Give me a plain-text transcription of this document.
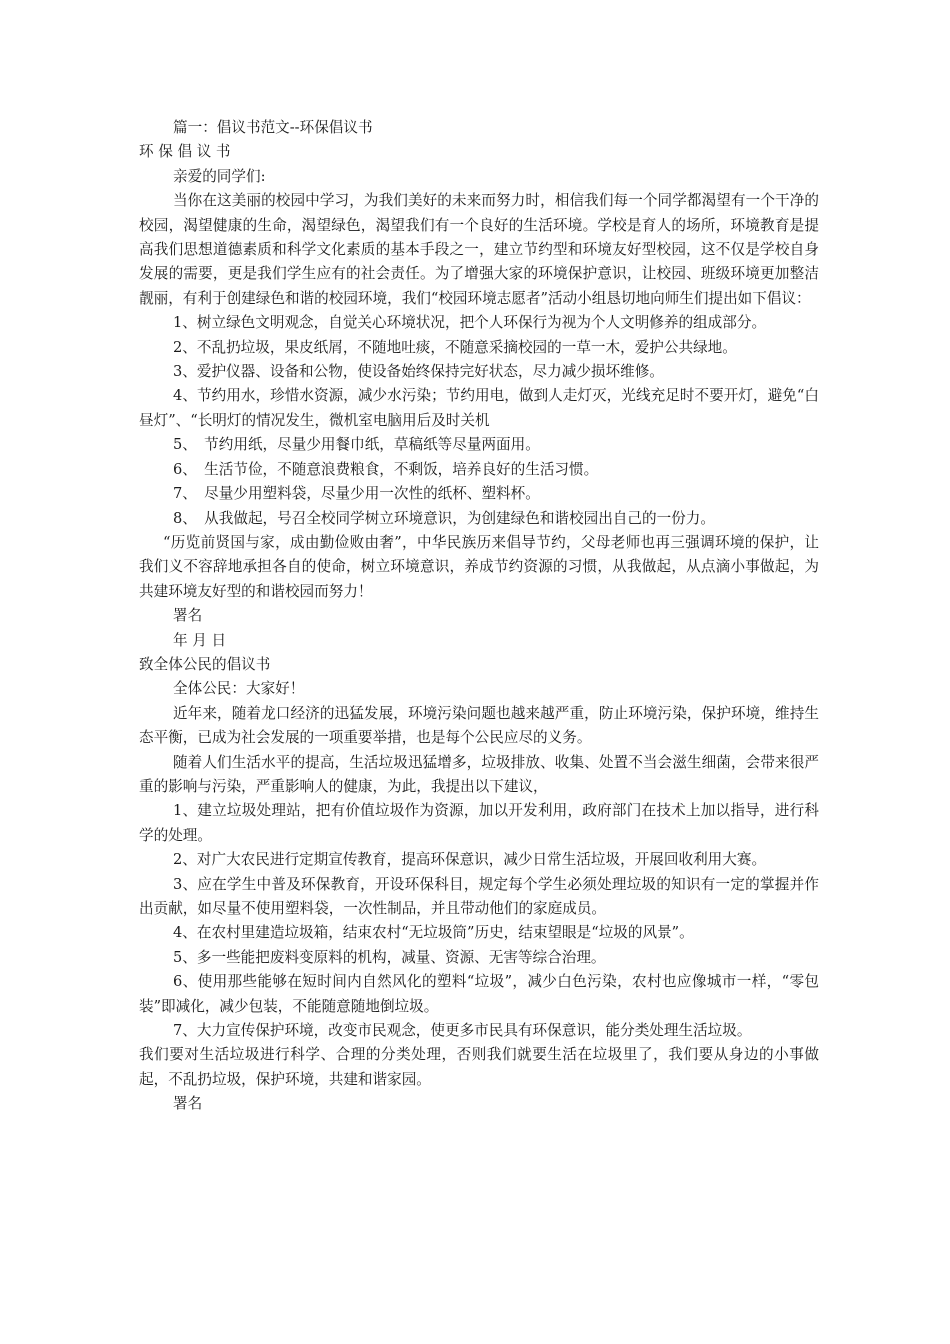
篇一：倡议书范文--环保倡议书

环 保 倡 议 书

亲爱的同学们:

当你在这美丽的校园中学习，为我们美好的未来而努力时，相信我们每一个同学都渴望有一个干净的校园，渴望健康的生命，渴望绿色，渴望我们有一个良好的生活环境。学校是育人的场所，环境教育是提高我们思想道德素质和科学文化素质的基本手段之一，建立节约型和环境友好型校园，这不仅是学校自身发展的需要，更是我们学生应有的社会责任。为了增强大家的环境保护意识，让校园、班级环境更加整洁靓丽，有利于创建绿色和谐的校园环境，我们“校园环境志愿者”活动小组恳切地向师生们提出如下倡议：

1、树立绿色文明观念，自觉关心环境状况，把个人环保行为视为个人文明修养的组成部分。

2、不乱扔垃圾，果皮纸屑，不随地吐痰，不随意采摘校园的一草一木，爱护公共绿地。

3、爱护仪器、设备和公物，使设备始终保持完好状态，尽力减少损坏维修。

4、节约用水，珍惜水资源，减少水污染；节约用电，做到人走灯灭，光线充足时不要开灯，避免“白昼灯”、“长明灯的情况发生，微机室电脑用后及时关机

5、　节约用纸，尽量少用餐巾纸，草稿纸等尽量两面用。

6、　生活节俭，不随意浪费粮食，不剩饭，培养良好的生活习惯。

7、　尽量少用塑料袋，尽量少用一次性的纸杯、塑料杯。

8、　从我做起，号召全校同学树立环境意识，为创建绿色和谐校园出自己的一份力。

“历览前贤国与家，成由勤俭败由奢”，中华民族历来倡导节约，父母老师也再三强调环境的保护，让我们义不容辞地承担各自的使命，树立环境意识，养成节约资源的习惯，从我做起，从点滴小事做起，为共建环境友好型的和谐校园而努力！

署名

年 月 日

致全体公民的倡议书

全体公民：大家好！

近年来，随着龙口经济的迅猛发展，环境污染问题也越来越严重，防止环境污染，保护环境，维持生态平衡，已成为社会发展的一项重要举措，也是每个公民应尽的义务。

随着人们生活水平的提高，生活垃圾迅猛增多，垃圾排放、收集、处置不当会滋生细菌，会带来很严重的影响与污染，严重影响人的健康，为此，我提出以下建议，

1、建立垃圾处理站，把有价值垃圾作为资源，加以开发利用，政府部门在技术上加以指导，进行科学的处理。

2、对广大农民进行定期宣传教育，提高环保意识，减少日常生活垃圾，开展回收利用大赛。

3、应在学生中普及环保教育，开设环保科目，规定每个学生必须处理垃圾的知识有一定的掌握并作出贡献，如尽量不使用塑料袋，一次性制品，并且带动他们的家庭成员。

4、在农村里建造垃圾箱，结束农村“无垃圾筒”历史，结束望眼是“垃圾的风景”。

5、多一些能把废料变原料的机构，减量、资源、无害等综合治理。

6、使用那些能够在短时间内自然风化的塑料“垃圾”，减少白色污染，农村也应像城市一样，“零包装”即减化，减少包装，不能随意随地倒垃圾。

7、大力宣传保护环境，改变市民观念，使更多市民具有环保意识，能分类处理生活垃圾。

我们要对生活垃圾进行科学、合理的分类处理，否则我们就要生活在垃圾里了，我们要从身边的小事做起，不乱扔垃圾，保护环境，共建和谐家园。

署名
